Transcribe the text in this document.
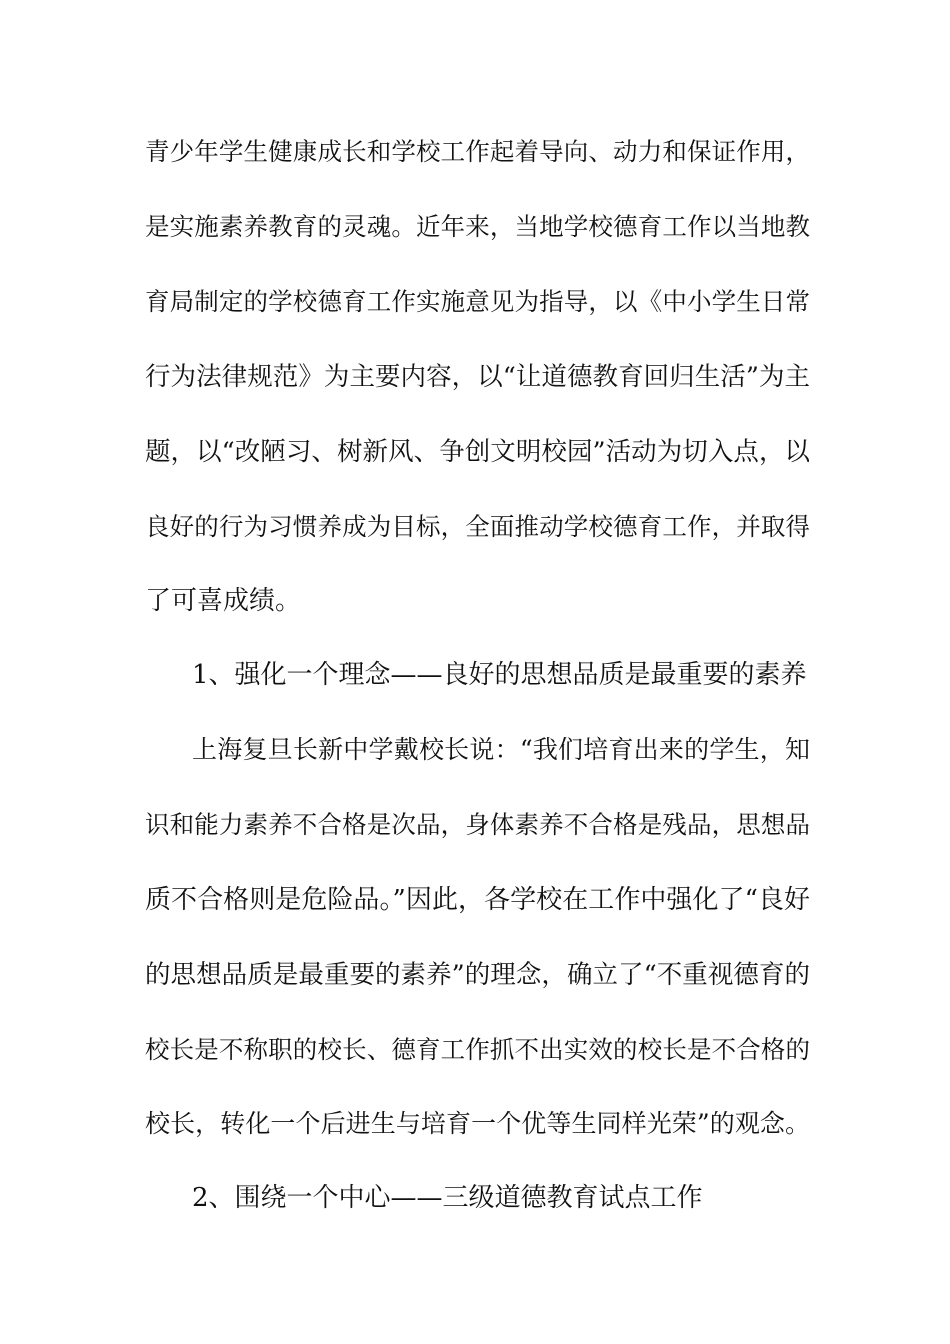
青少年学生健康成长和学校工作起着导向、动力和保证作用，
是实施素养教育的灵魂。近年来，当地学校德育工作以当地教
育局制定的学校德育工作实施意见为指导，以《中小学生日常
行为法律规范》为主要内容，以“让道德教育回归生活”为主
题，以“改陋习、树新风、争创文明校园”活动为切入点，以
良好的行为习惯养成为目标，全面推动学校德育工作，并取得
了可喜成绩。
1、强化一个理念——良好的思想品质是最重要的素养
上海复旦长新中学戴校长说：“我们培育出来的学生，知
识和能力素养不合格是次品，身体素养不合格是残品，思想品
质不合格则是危险品。”因此，各学校在工作中强化了“良好
的思想品质是最重要的素养”的理念，确立了“不重视德育的
校长是不称职的校长、德育工作抓不出实效的校长是不合格的
校长，转化一个后进生与培育一个优等生同样光荣”的观念。
2、围绕一个中心——三级道德教育试点工作
